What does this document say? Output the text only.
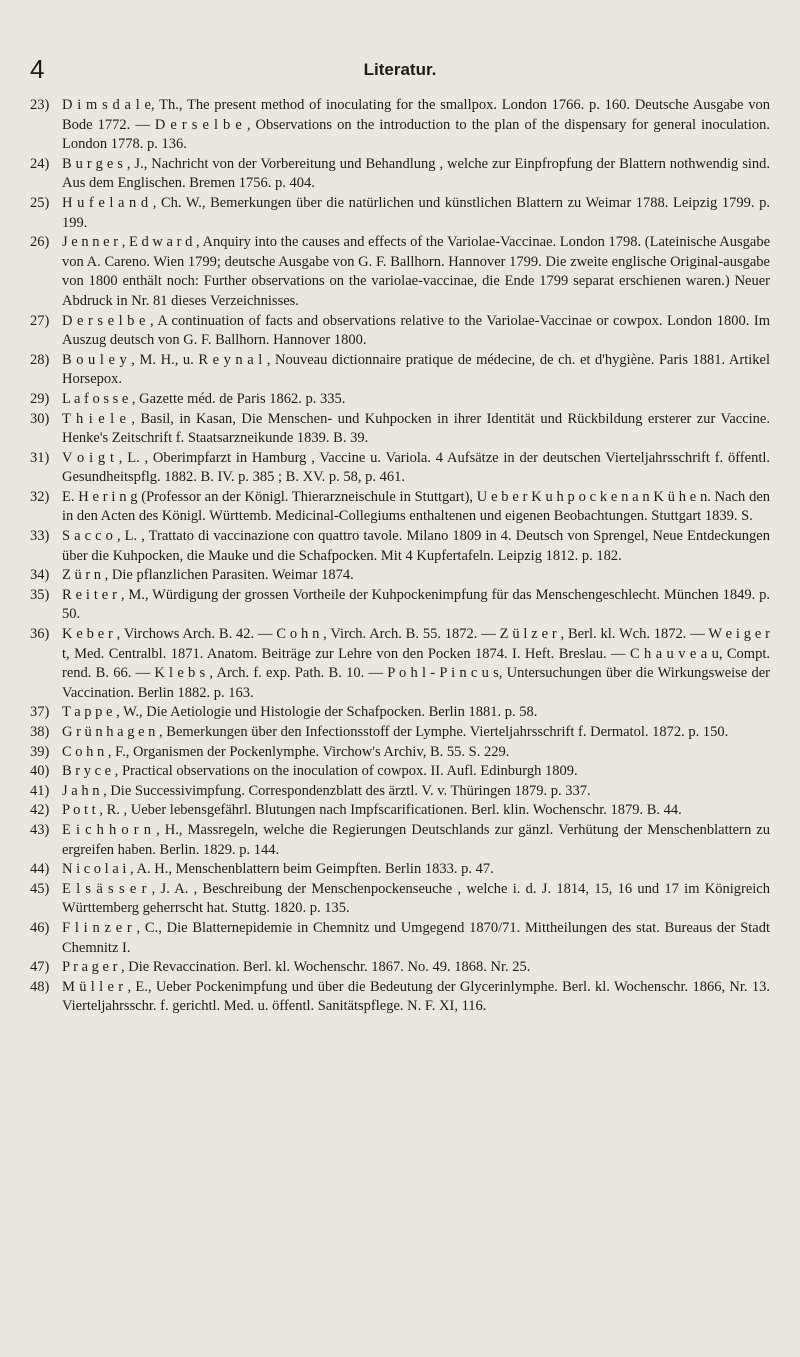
4	Literatur.
23) D i m s d a l e, Th., The present method of inoculating for the smallpox. London 1766. p. 160. Deutsche Ausgabe von Bode 1772. — D e r s e l b e , Observations on the introduction to the plan of the dispensary for general inoculation. London 1778. p. 136.
24) B u r g e s , J., Nachricht von der Vorbereitung und Behandlung , welche zur Einpfropfung der Blattern nothwendig sind. Aus dem Englischen. Bremen 1756. p. 404.
25) H u f e l a n d , Ch. W., Bemerkungen über die natürlichen und künstlichen Blattern zu Weimar 1788. Leipzig 1799. p. 199.
26) J e n n e r , E d w a r d , Anquiry into the causes and effects of the Variolae-Vaccinae. London 1798. (Lateinische Ausgabe von A. Careno. Wien 1799; deutsche Ausgabe von G. F. Ballhorn. Hannover 1799. Die zweite englische Original-ausgabe von 1800 enthält noch: Further observations on the variolae-vaccinae, die Ende 1799 separat erschienen waren.) Neuer Abdruck in Nr. 81 dieses Verzeichnisses.
27) D e r s e l b e , A continuation of facts and observations relative to the Variolae-Vaccinae or cowpox. London 1800. Im Auszug deutsch von G. F. Ballhorn. Hannover 1800.
28) B o u l e y , M. H., u. R e y n a l , Nouveau dictionnaire pratique de médecine, de ch. et d'hygiène. Paris 1881. Artikel Horsepox.
29) L a f o s s e , Gazette méd. de Paris 1862. p. 335.
30) T h i e l e , Basil, in Kasan, Die Menschen- und Kuhpocken in ihrer Identität und Rückbildung ersterer zur Vaccine. Henke's Zeitschrift f. Staatsarzneikunde 1839. B. 39.
31) V o i g t , L. , Oberimpfarzt in Hamburg , Vaccine u. Variola. 4 Aufsätze in der deutschen Vierteljahrsschrift f. öffentl. Gesundheitspflg. 1882. B. IV. p. 385 ; B. XV. p. 58, p. 461.
32) E. H e r i n g (Professor an der Königl. Thierarzneischule in Stuttgart), U e b e r K u h p o c k e n a n K ü h e n. Nach den in den Acten des Königl. Württemb. Medicinal-Collegiums enthaltenen und eigenen Beobachtungen. Stuttgart 1839. S.
33) S a c c o , L. , Trattato di vaccinazione con quattro tavole. Milano 1809 in 4. Deutsch von Sprengel, Neue Entdeckungen über die Kuhpocken, die Mauke und die Schafpocken. Mit 4 Kupfertafeln. Leipzig 1812. p. 182.
34) Z ü r n , Die pflanzlichen Parasiten. Weimar 1874.
35) R e i t e r , M., Würdigung der grossen Vortheile der Kuhpockenimpfung für das Menschengeschlecht. München 1849. p. 50.
36) K e b e r , Virchows Arch. B. 42. — C o h n , Virch. Arch. B. 55. 1872. — Z ü l z e r , Berl. kl. Wch. 1872. — W e i g e r t, Med. Centralbl. 1871. Anatom. Beiträge zur Lehre von den Pocken 1874. I. Heft. Breslau. — C h a u v e a u, Compt. rend. B. 66. — K l e b s , Arch. f. exp. Path. B. 10. — P o h l - P i n c u s, Untersuchungen über die Wirkungsweise der Vaccination. Berlin 1882. p. 163.
37) T a p p e , W., Die Aetiologie und Histologie der Schafpocken. Berlin 1881. p. 58.
38) G r ü n h a g e n , Bemerkungen über den Infectionsstoff der Lymphe. Vierteljahrsschrift f. Dermatol. 1872. p. 150.
39) C o h n , F., Organismen der Pockenlymphe. Virchow's Archiv, B. 55. S. 229.
40) B r y c e , Practical observations on the inoculation of cowpox. II. Aufl. Edinburgh 1809.
41) J a h n , Die Successivimpfung. Correspondenzblatt des ärztl. V. v. Thüringen 1879. p. 337.
42) P o t t , R. , Ueber lebensgefährl. Blutungen nach Impfscarificationen. Berl. klin. Wochenschr. 1879. B. 44.
43) E i c h h o r n , H., Massregeln, welche die Regierungen Deutschlands zur gänzl. Verhütung der Menschenblattern zu ergreifen haben. Berlin. 1829. p. 144.
44) N i c o l a i , A. H., Menschenblattern beim Geimpften. Berlin 1833. p. 47.
45) E l s ä s s e r , J. A. , Beschreibung der Menschenpockenseuche , welche i. d. J. 1814, 15, 16 und 17 im Königreich Württemberg geherrscht hat. Stuttg. 1820. p. 135.
46) F l i n z e r , C., Die Blatternepidemie in Chemnitz und Umgegend 1870/71. Mittheilungen des stat. Bureaus der Stadt Chemnitz I.
47) P r a g e r , Die Revaccination. Berl. kl. Wochenschr. 1867. No. 49. 1868. Nr. 25.
48) M ü l l e r , E., Ueber Pockenimpfung und über die Bedeutung der Glycerinlymphe. Berl. kl. Wochenschr. 1866, Nr. 13. Vierteljahrsschr. f. gerichtl. Med. u. öffentl. Sanitätspflege. N. F. XI, 116.
